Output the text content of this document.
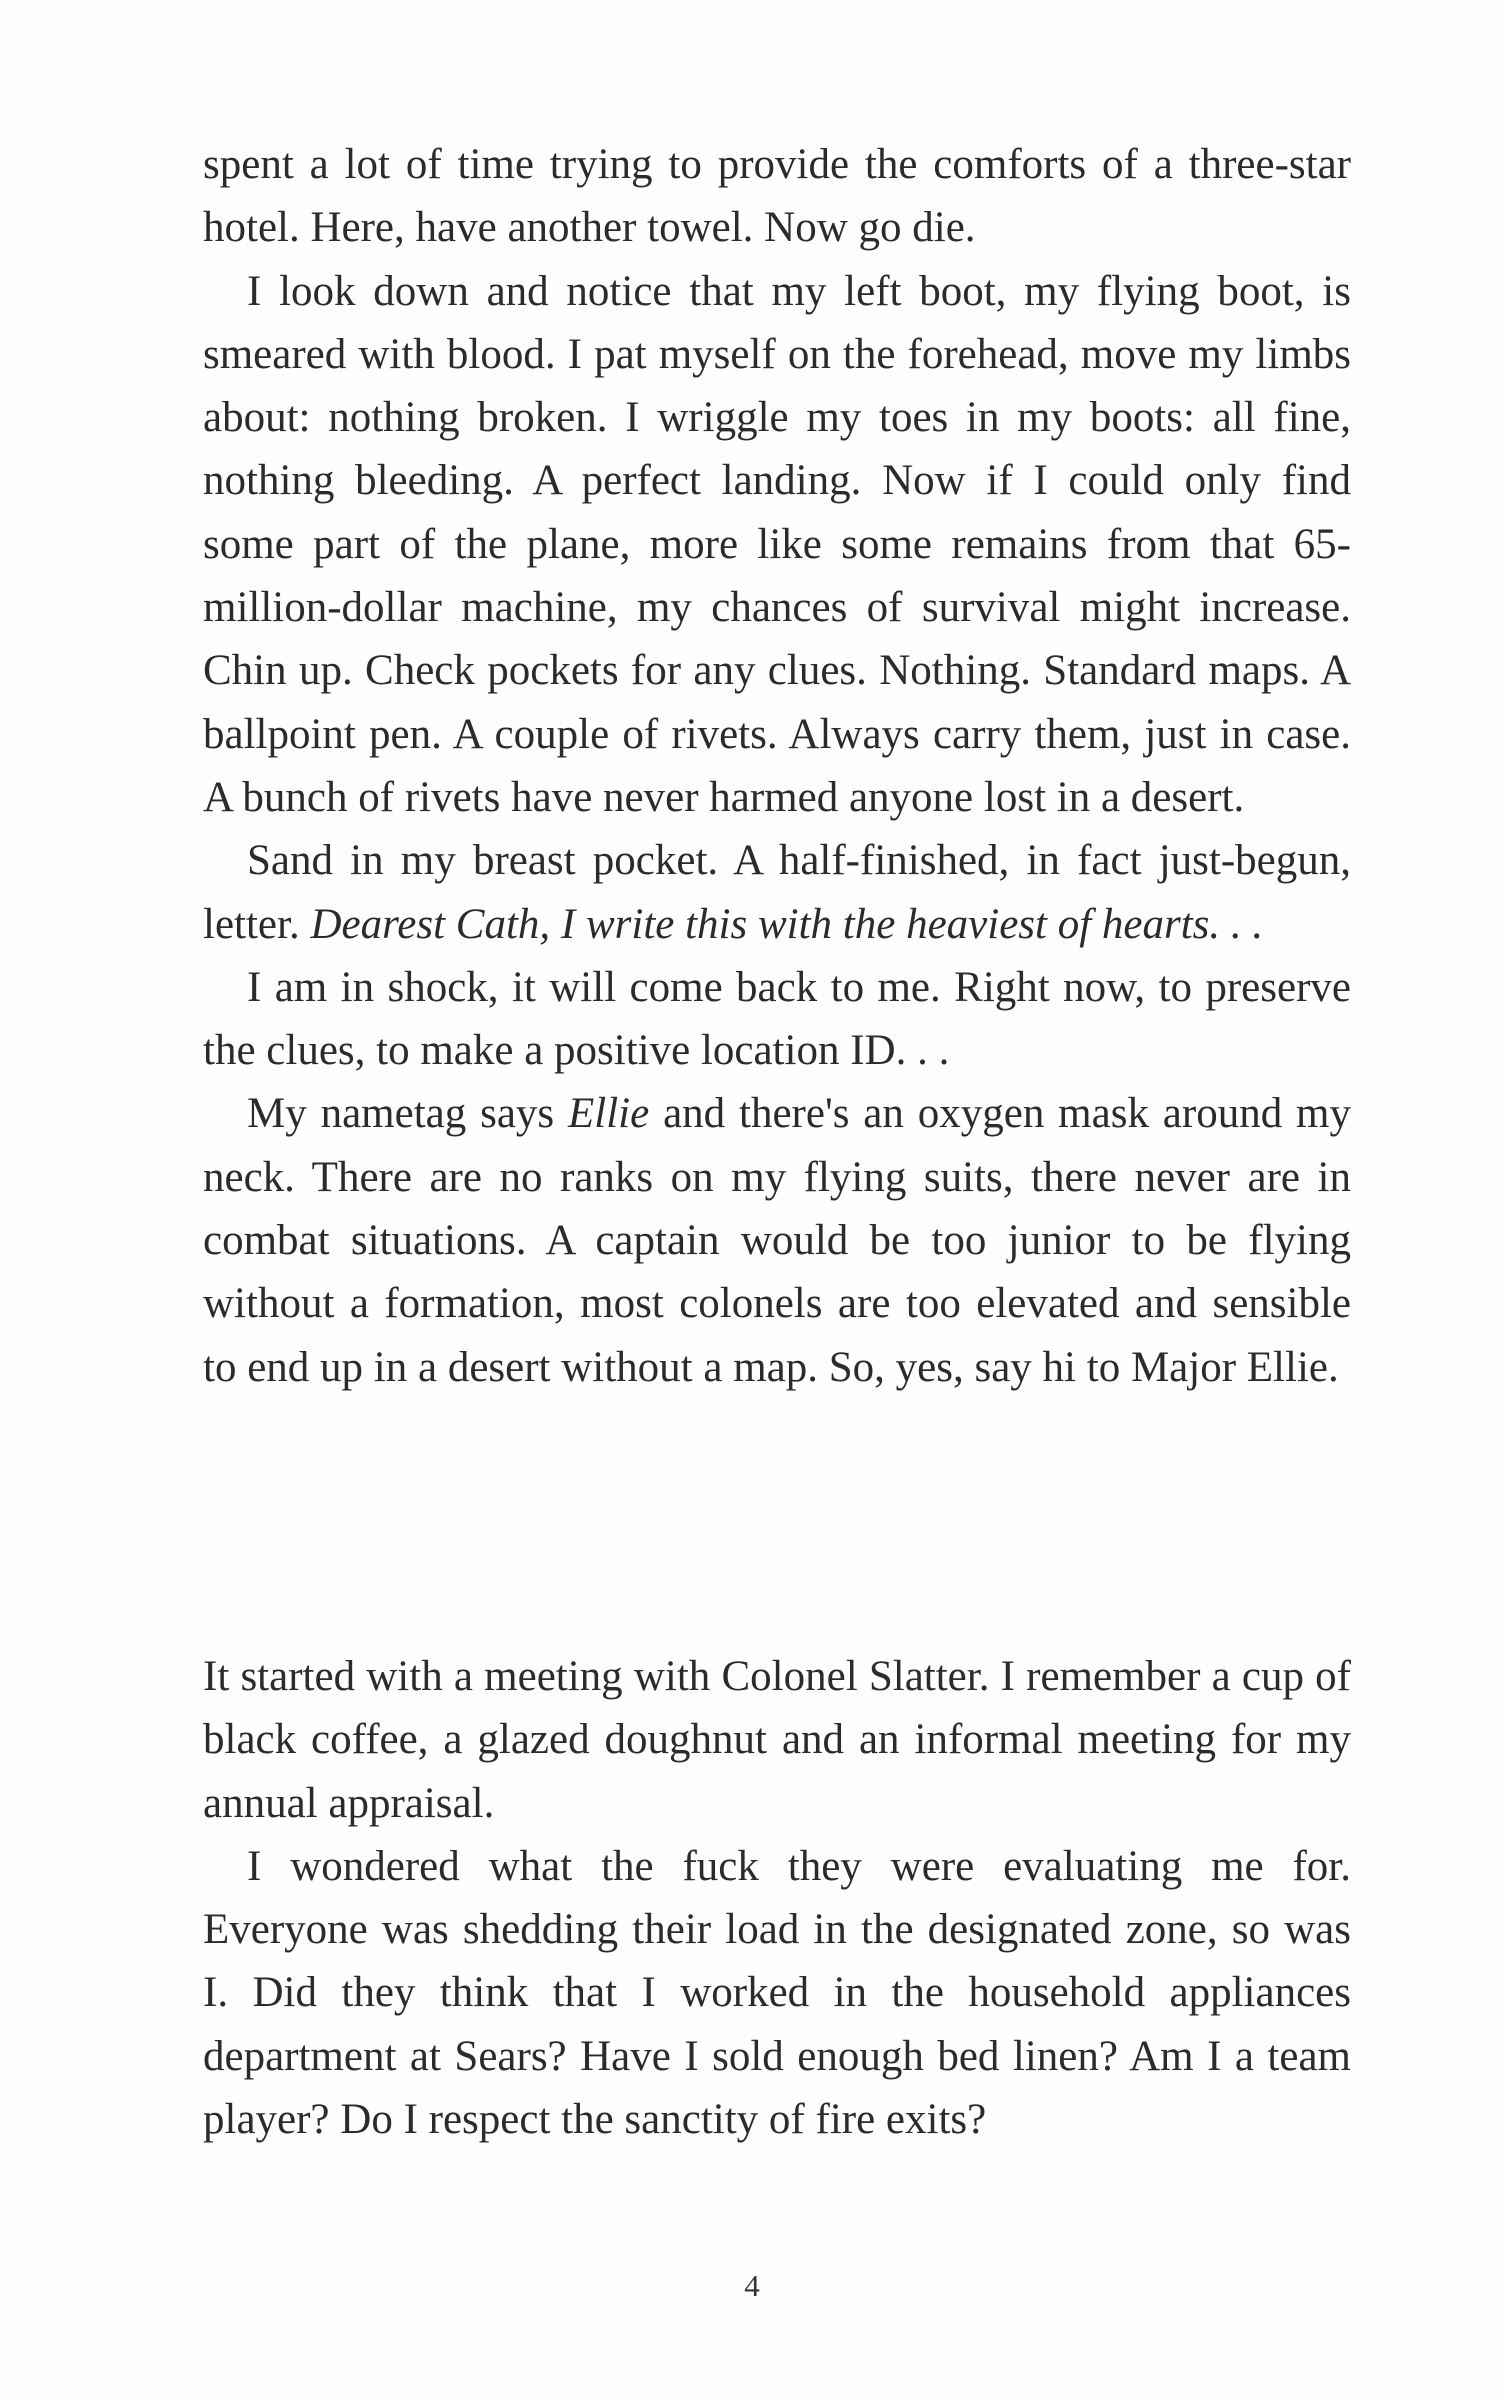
spent a lot of time trying to provide the comforts of a three-star hotel. Here, have another towel. Now go die.

I look down and notice that my left boot, my flying boot, is smeared with blood. I pat myself on the forehead, move my limbs about: nothing broken. I wriggle my toes in my boots: all fine, nothing bleeding. A perfect landing. Now if I could only find some part of the plane, more like some remains from that 65-million-dollar machine, my chances of survival might increase. Chin up. Check pockets for any clues. Nothing. Standard maps. A ballpoint pen. A couple of rivets. Always carry them, just in case. A bunch of rivets have never harmed anyone lost in a desert.

Sand in my breast pocket. A half-finished, in fact just-begun, letter. Dearest Cath, I write this with the heaviest of hearts. . .

I am in shock, it will come back to me. Right now, to preserve the clues, to make a positive location ID. . .

My nametag says Ellie and there's an oxygen mask around my neck. There are no ranks on my flying suits, there never are in combat situations. A captain would be too junior to be flying without a formation, most colonels are too elevated and sensible to end up in a desert without a map. So, yes, say hi to Major Ellie.

It started with a meeting with Colonel Slatter. I remember a cup of black coffee, a glazed doughnut and an informal meeting for my annual appraisal.

I wondered what the fuck they were evaluating me for. Everyone was shedding their load in the designated zone, so was I. Did they think that I worked in the household appliances department at Sears? Have I sold enough bed linen? Am I a team player? Do I respect the sanctity of fire exits?

4
